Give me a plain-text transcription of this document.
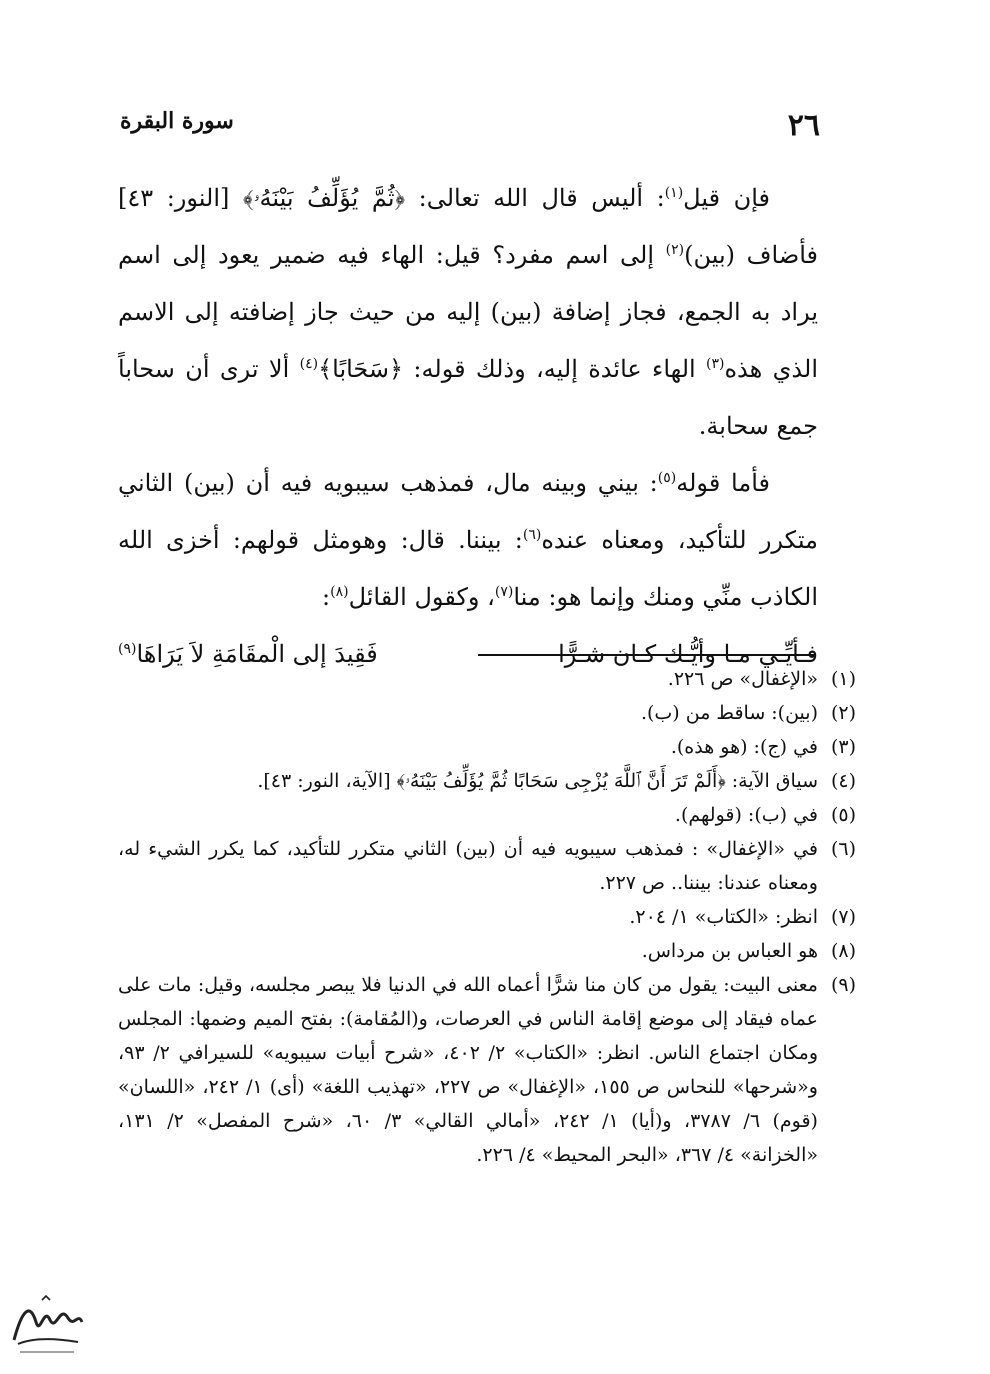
٢٦
سورة البقرة

فإن قيل$^{(١)}$: أليس قال الله تعالى: ﴿ثُمَّ يُؤَلِّفُ بَيْنَهُۥ﴾ [النور: ٤٣] فأضاف (بين)$^{(٢)}$ إلى اسم مفرد؟ قيل: الهاء فيه ضمير يعود إلى اسم يراد به الجمع، فجاز إضافة (بين) إليه من حيث جاز إضافته إلى الاسم الذي هذه$^{(٣)}$ الهاء عائدة إليه، وذلك قوله: ﴿سَحَابًا﴾$^{(٤)}$ ألا ترى أن سحاباً جمع سحابة.

فأما قوله$^{(٥)}$: بيني وبينه مال، فمذهب سيبويه فيه أن (بين) الثاني متكرر للتأكيد، ومعناه عنده$^{(٦)}$: بيننا. قال: وهومثل قولهم: أخزى الله الكاذب منِّي ومنك وإنما هو: منا$^{(٧)}$، وكقول القائل$^{(٨)}$:

فـأيِّـي مـا وأيُّـك كـان شـرًّا
فَقِيدَ إلى الْمقَامَةِ لاَ يَرَاهَا$^{(٩)}$
(١)
«الإغفال» ص ٢٢٦.
(٢)
(بين): ساقط من (ب).
(٣)
في (ج): (هو هذه).
(٤)
سياق الآية: ﴿أَلَمْ تَرَ أَنَّ ٱللَّهَ يُزْجِى سَحَابًا ثُمَّ يُؤَلِّفُ بَيْنَهُۥ﴾ [الآية، النور: ٤٣].
(٥)
في (ب): (قولهم).
(٦)
في «الإغفال» : فمذهب سيبويه فيه أن (بين) الثاني متكرر للتأكيد، كما يكرر الشيء له، ومعناه عندنا: بيننا.. ص ٢٢٧.
(٧)
انظر: «الكتاب» ١/ ٢٠٤.
(٨)
هو العباس بن مرداس.
(٩)
معنى البيت: يقول من كان منا شرًّا أعماه الله في الدنيا فلا يبصر مجلسه، وقيل: مات على عماه فيقاد إلى موضع إقامة الناس في العرصات، و(المُقامة): بفتح الميم وضمها: المجلس ومكان اجتماع الناس. انظر: «الكتاب» ٢/ ٤٠٢، «شرح أبيات سيبويه» للسيرافي ٢/ ٩٣، و«شرحها» للنحاس ص ١٥٥، «الإغفال» ص ٢٢٧، «تهذيب اللغة» (أى) ١/ ٢٤٢، «اللسان» (قوم) ٦/ ٣٧٨٧، و(أيا) ١/ ٢٤٢، «أمالي القالي» ٣/ ٦٠، «شرح المفصل» ٢/ ١٣١، «الخزانة» ٤/ ٣٦٧، «البحر المحيط» ٤/ ٢٢٦.
